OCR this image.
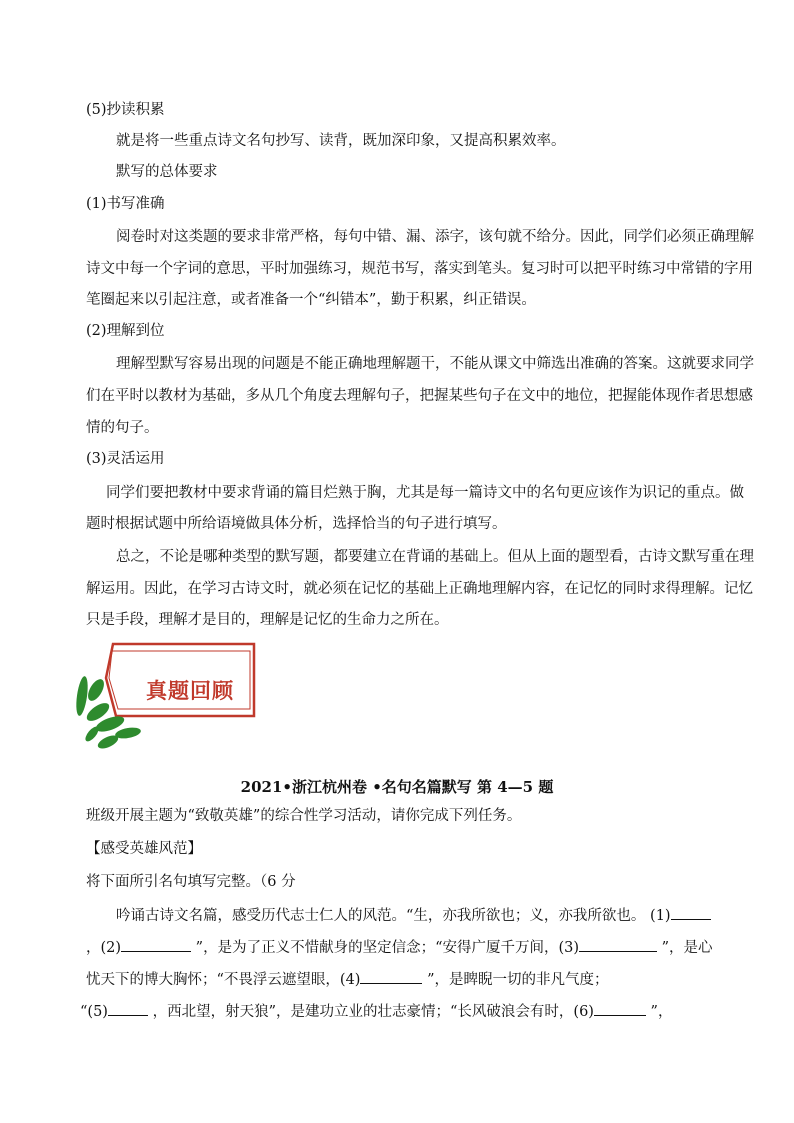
(5)抄读积累
就是将一些重点诗文名句抄写、读背，既加深印象，又提高积累效率。
默写的总体要求
(1)书写准确
阅卷时对这类题的要求非常严格，每句中错、漏、添字，该句就不给分。因此，同学们必须正确理解
诗文中每一个字词的意思，平时加强练习，规范书写，落实到笔头。复习时可以把平时练习中常错的字用
笔圈起来以引起注意，或者准备一个“纠错本”，勤于积累，纠正错误。
(2)理解到位
理解型默写容易出现的问题是不能正确地理解题干，不能从课文中筛选出准确的答案。这就要求同学
们在平时以教材为基础，多从几个角度去理解句子，把握某些句子在文中的地位，把握能体现作者思想感
情的句子。
(3)灵活运用
同学们要把教材中要求背诵的篇目烂熟于胸，尤其是每一篇诗文中的名句更应该作为识记的重点。做
题时根据试题中所给语境做具体分析，选择恰当的句子进行填写。
总之，不论是哪种类型的默写题，都要建立在背诵的基础上。但从上面的题型看，古诗文默写重在理
解运用。因此，在学习古诗文时，就必须在记忆的基础上正确地理解内容，在记忆的同时求得理解。记忆
只是手段，理解才是目的，理解是记忆的生命力之所在。
真题回顾
2021•浙江杭州卷 •名句名篇默写 第 4—5 题
班级开展主题为“致敬英雄”的综合性学习活动，请你完成下列任务。
【感受英雄风范】
将下面所引名句填写完整。（6 分
吟诵古诗文名篇，感受历代志士仁人的风范。“生，亦我所欲也；义，亦我所欲也。 (1)
，(2)	”，是为了正义不惜献身的坚定信念；“安得广厦千万间，(3)	”，是心
忧天下的博大胸怀；“不畏浮云遮望眼，(4)	”，是睥睨一切的非凡气度；
“(5)	，西北望，射天狼”，是建功立业的壮志豪情；“长风破浪会有时，(6)	”，
